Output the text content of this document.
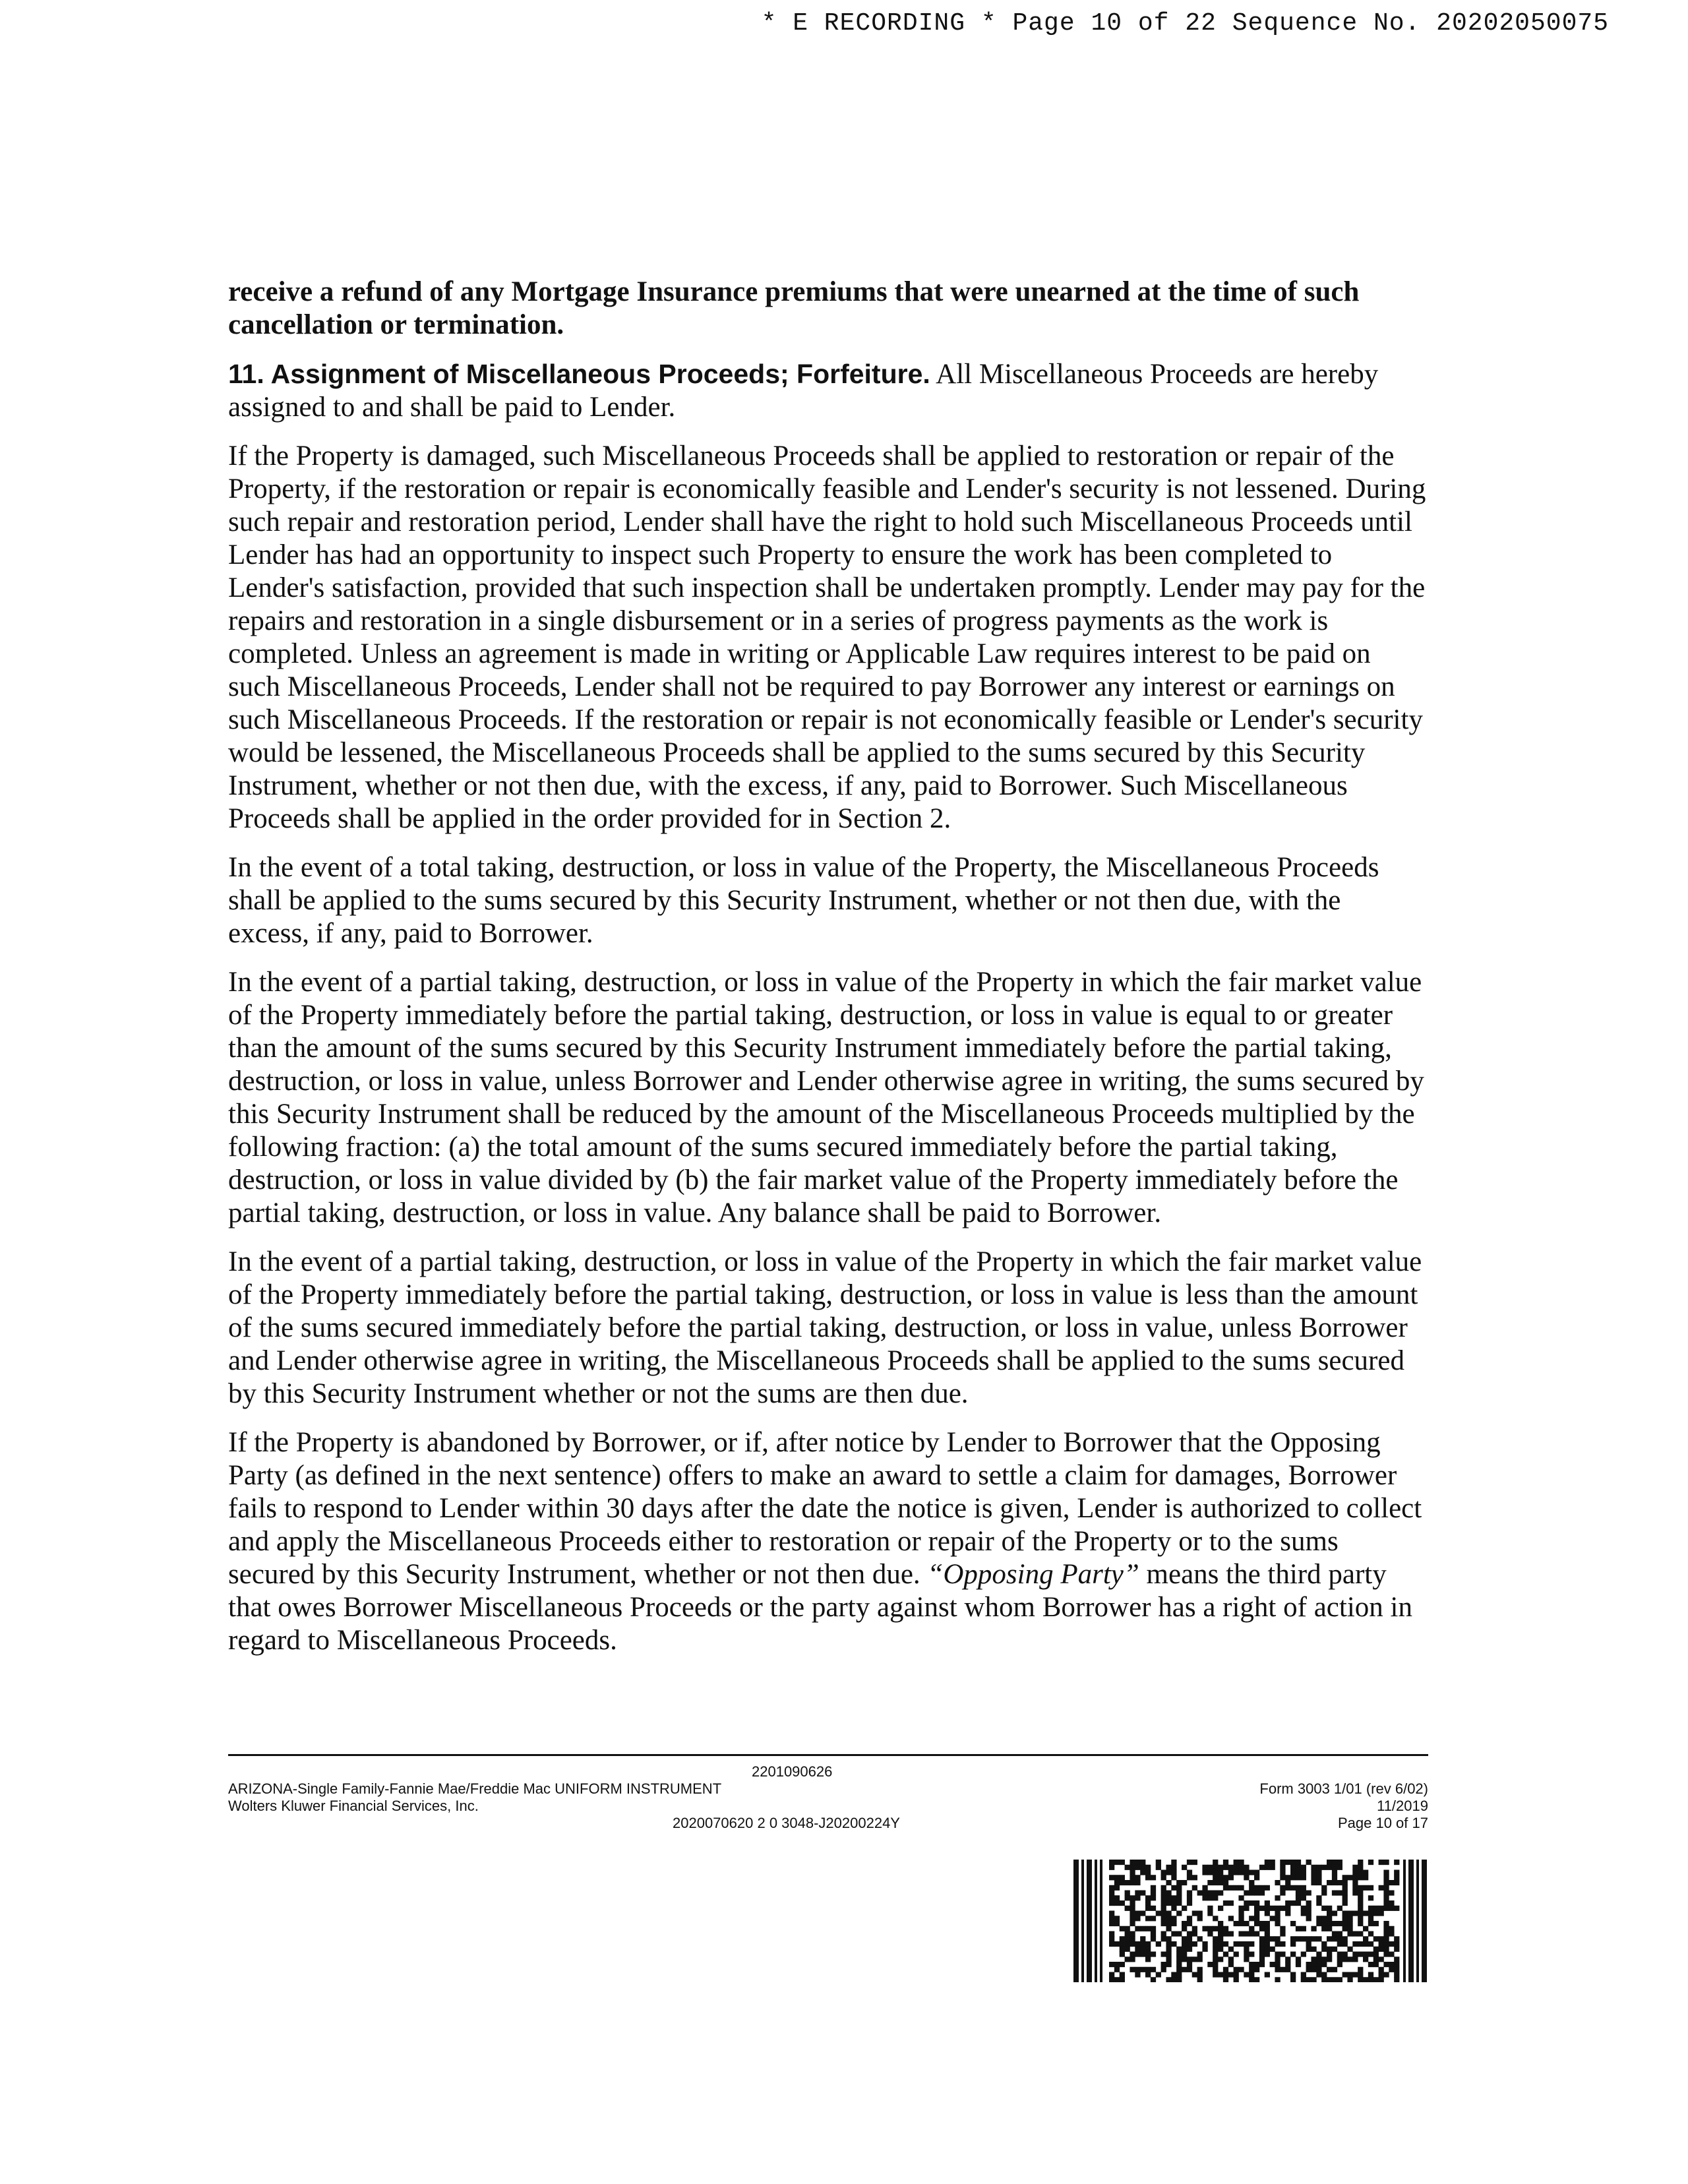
* E RECORDING * Page 10 of 22 Sequence No. 20202050075

receive a refund of any Mortgage Insurance premiums that were unearned at the time of such cancellation or termination.

11. Assignment of Miscellaneous Proceeds; Forfeiture. All Miscellaneous Proceeds are hereby assigned to and shall be paid to Lender.

If the Property is damaged, such Miscellaneous Proceeds shall be applied to restoration or repair of the Property, if the restoration or repair is economically feasible and Lender's security is not lessened. During such repair and restoration period, Lender shall have the right to hold such Miscellaneous Proceeds until Lender has had an opportunity to inspect such Property to ensure the work has been completed to Lender's satisfaction, provided that such inspection shall be undertaken promptly. Lender may pay for the repairs and restoration in a single disbursement or in a series of progress payments as the work is completed. Unless an agreement is made in writing or Applicable Law requires interest to be paid on such Miscellaneous Proceeds, Lender shall not be required to pay Borrower any interest or earnings on such Miscellaneous Proceeds. If the restoration or repair is not economically feasible or Lender's security would be lessened, the Miscellaneous Proceeds shall be applied to the sums secured by this Security Instrument, whether or not then due, with the excess, if any, paid to Borrower. Such Miscellaneous Proceeds shall be applied in the order provided for in Section 2.

In the event of a total taking, destruction, or loss in value of the Property, the Miscellaneous Proceeds shall be applied to the sums secured by this Security Instrument, whether or not then due, with the excess, if any, paid to Borrower.

In the event of a partial taking, destruction, or loss in value of the Property in which the fair market value of the Property immediately before the partial taking, destruction, or loss in value is equal to or greater than the amount of the sums secured by this Security Instrument immediately before the partial taking, destruction, or loss in value, unless Borrower and Lender otherwise agree in writing, the sums secured by this Security Instrument shall be reduced by the amount of the Miscellaneous Proceeds multiplied by the following fraction: (a) the total amount of the sums secured immediately before the partial taking, destruction, or loss in value divided by (b) the fair market value of the Property immediately before the partial taking, destruction, or loss in value. Any balance shall be paid to Borrower.

In the event of a partial taking, destruction, or loss in value of the Property in which the fair market value of the Property immediately before the partial taking, destruction, or loss in value is less than the amount of the sums secured immediately before the partial taking, destruction, or loss in value, unless Borrower and Lender otherwise agree in writing, the Miscellaneous Proceeds shall be applied to the sums secured by this Security Instrument whether or not the sums are then due.

If the Property is abandoned by Borrower, or if, after notice by Lender to Borrower that the Opposing Party (as defined in the next sentence) offers to make an award to settle a claim for damages, Borrower fails to respond to Lender within 30 days after the date the notice is given, Lender is authorized to collect and apply the Miscellaneous Proceeds either to restoration or repair of the Property or to the sums secured by this Security Instrument, whether or not then due. “Opposing Party” means the third party that owes Borrower Miscellaneous Proceeds or the party against whom Borrower has a right of action in regard to Miscellaneous Proceeds.

2201090626
ARIZONA-Single Family-Fannie Mae/Freddie Mac UNIFORM INSTRUMENT
Wolters Kluwer Financial Services, Inc.
2020070620 2 0 3048-J20200224Y
Form 3003 1/01 (rev 6/02)
11/2019
Page 10 of 17
